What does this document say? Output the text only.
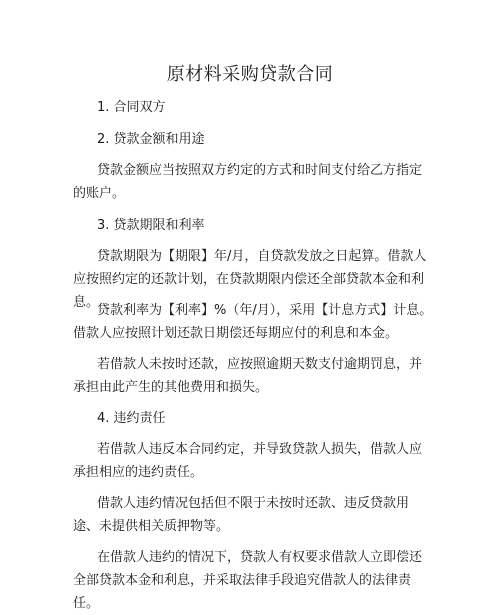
原材料采购贷款合同

1. 合同双方

2. 贷款金额和用途

贷款金额应当按照双方约定的方式和时间支付给乙方指定的账户。

3. 贷款期限和利率

贷款期限为【期限】年/月，自贷款发放之日起算。借款人应按照约定的还款计划，在贷款期限内偿还全部贷款本金和利息。

贷款利率为【利率】%（年/月），采用【计息方式】计息。借款人应按照计划还款日期偿还每期应付的利息和本金。

若借款人未按时还款，应按照逾期天数支付逾期罚息，并承担由此产生的其他费用和损失。

4. 违约责任

若借款人违反本合同约定，并导致贷款人损失，借款人应承担相应的违约责任。

借款人违约情况包括但不限于未按时还款、违反贷款用途、未提供相关质押物等。

在借款人违约的情况下，贷款人有权要求借款人立即偿还全部贷款本金和利息，并采取法律手段追究借款人的法律责任。
